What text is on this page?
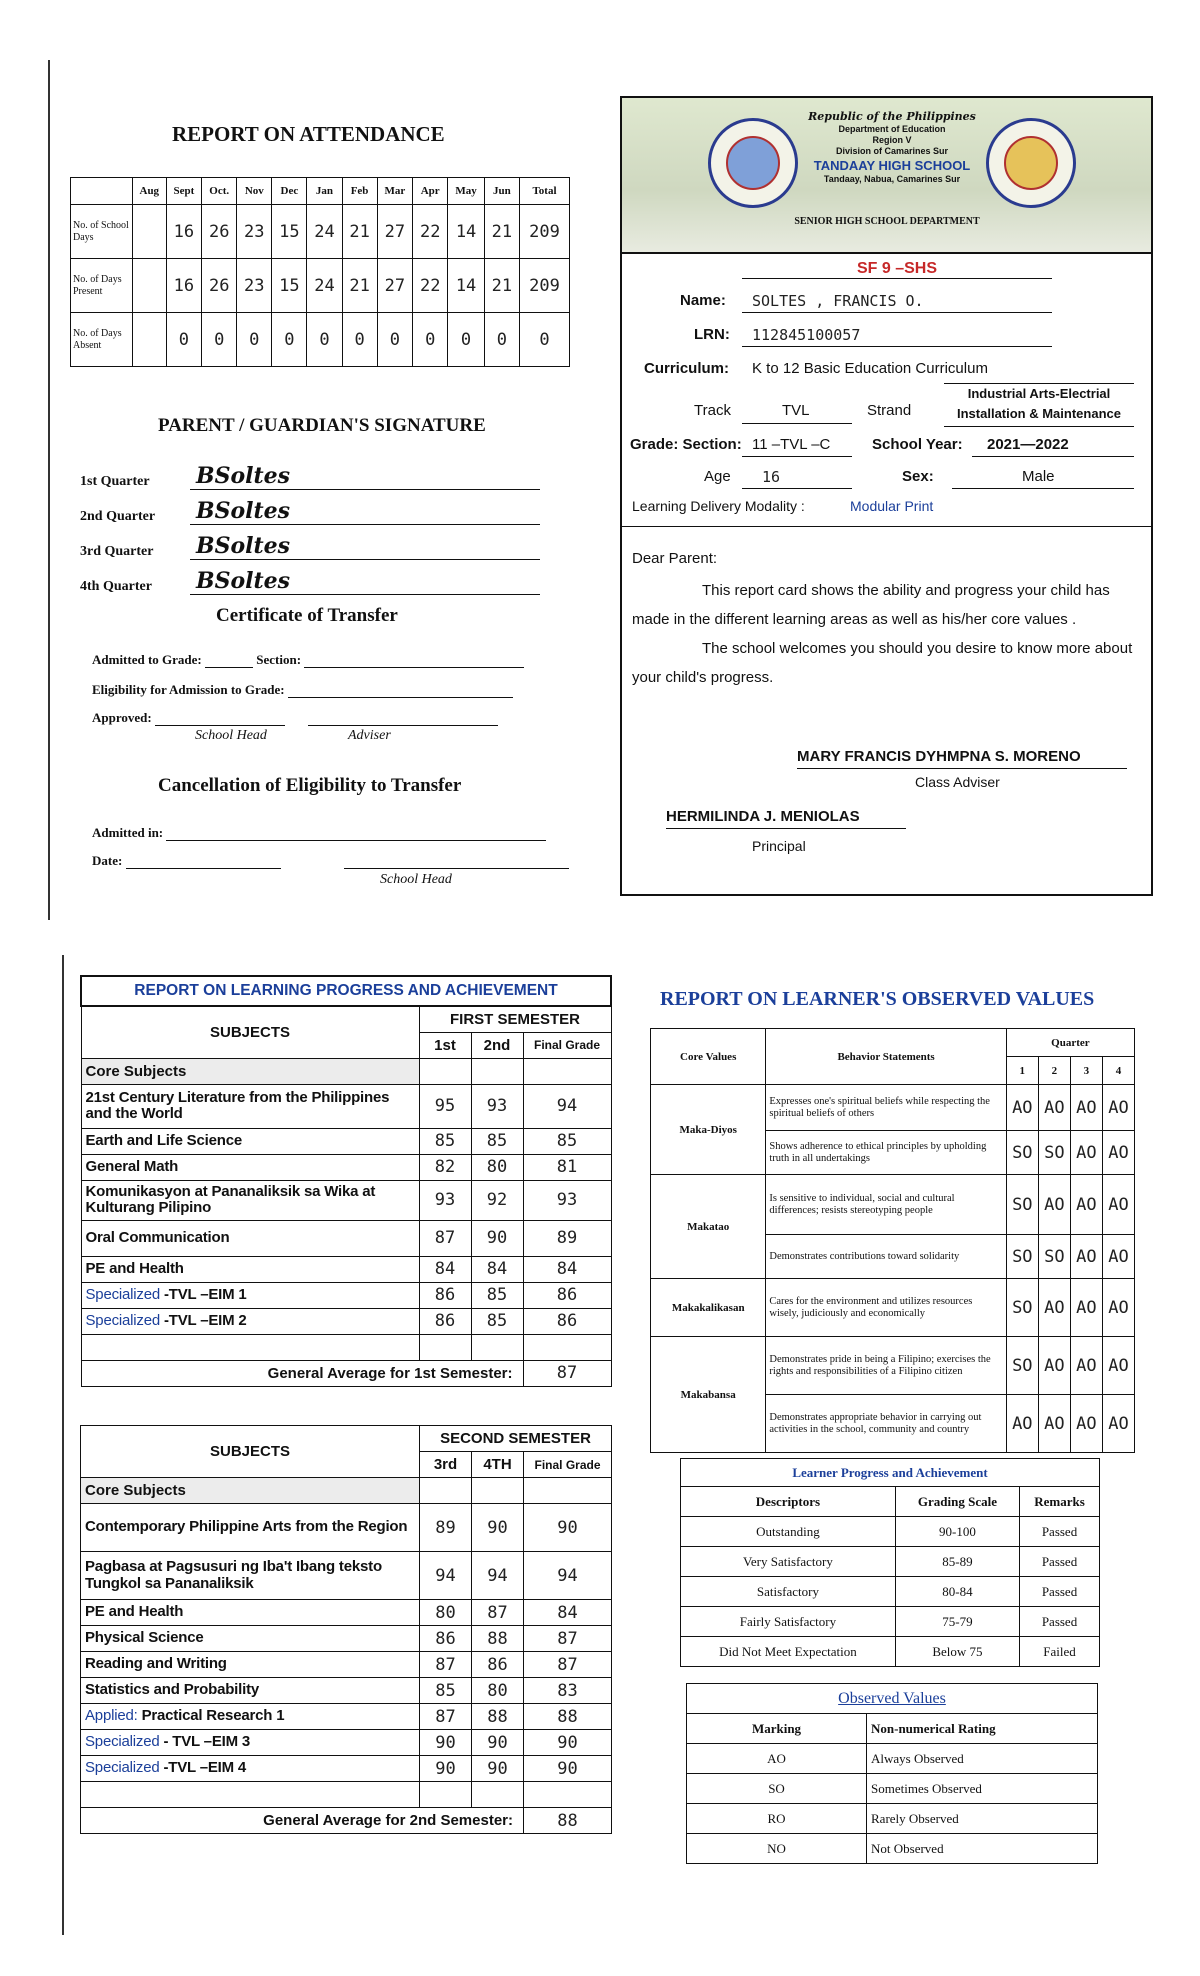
REPORT ON ATTENDANCE
	Aug	Sept	Oct.	Nov	Dec	Jan	Feb	Mar	Apr	May	Jun	Total
No. of School Days		16	26	23	15	24	21	27	22	14	21	209
No. of Days Present		16	26	23	15	24	21	27	22	14	21	209
No. of Days Absent		0	0	0	0	0	0	0	0	0	0	0
PARENT / GUARDIAN'S SIGNATURE
1st Quarter	BSoltes
2nd Quarter	BSoltes
3rd Quarter	BSoltes
4th Quarter	BSoltes
Certificate of Transfer
Admitted to Grade:	Section:
Eligibility for Admission to Grade:
Approved:
School Head	Adviser
Cancellation of Eligibility to Transfer
Admitted in:
Date:
School Head
Republic of the Philippines
Department of Education
Region V
Division of Camarines Sur
TANDAAY HIGH SCHOOL
Tandaay, Nabua, Camarines Sur
SENIOR HIGH SCHOOL DEPARTMENT
SF 9 –SHS
Name: SOLTES , FRANCIS O.
LRN: 112845100057
Curriculum: K to 12 Basic Education Curriculum
Track	TVL	Strand
Industrial Arts-Electrial Installation & Maintenance
Grade: Section: 11 –TVL –C	School Year: 2021—2022
Age 16	Sex:	Male
Learning Delivery Modality :	Modular Print
Dear Parent:

This report card shows the ability and progress your child has made in the different learning areas as well as his/her core values .

The school welcomes you should you desire to know more about your child's progress.

MARY FRANCIS DYHMPNA S. MORENO
Class Adviser
HERMILINDA J. MENIOLAS
Principal
REPORT ON LEARNING PROGRESS AND ACHIEVEMENT			
SUBJECTS	FIRST SEMESTER		
	1st	2nd	Final Grade
Core Subjects			
21st Century Literature from the Philippines and the World	95	93	94
Earth and Life Science	85	85	85
General Math	82	80	81
Komunikasyon at Pananaliksik sa Wika at Kulturang Pilipino	93	92	93
Oral Communication	87	90	89
PE and Health	84	84	84
Specialized -TVL –EIM 1	86	85	86
Specialized -TVL –EIM 2	86	85	86

General Average for 1st Semester:			87
SUBJECTS	SECOND SEMESTER		
	3rd	4TH	Final Grade
Core Subjects			
Contemporary Philippine Arts from the Region	89	90	90
Pagbasa at Pagsusuri ng Iba't Ibang teksto Tungkol sa Pananaliksik	94	94	94
PE and Health	80	87	84
Physical Science	86	88	87
Reading and Writing	87	86	87
Statistics and Probability	85	80	83
Applied: Practical Research 1	87	88	88
Specialized - TVL –EIM 3	90	90	90
Specialized -TVL –EIM 4	90	90	90

General Average for 2nd Semester:			88
REPORT ON LEARNER'S OBSERVED VALUES
Core Values	Behavior Statements	Quarter			
		1	2	3	4
Maka-Diyos	Expresses one's spiritual beliefs while respecting the spiritual beliefs of others	AO	AO	AO	AO
	Shows adherence to ethical principles by upholding truth in all undertakings	SO	SO	AO	AO
Makatao	Is sensitive to individual, social and cultural differences; resists stereotyping people	SO	AO	AO	AO
	Demonstrates contributions toward solidarity	SO	SO	AO	AO
Makakalikasan	Cares for the environment and utilizes resources wisely, judiciously and economically	SO	AO	AO	AO
Makabansa	Demonstrates pride in being a Filipino; exercises the rights and responsibilities of a Filipino citizen	SO	AO	AO	AO
	Demonstrates appropriate behavior in carrying out activities in the school, community and country	AO	AO	AO	AO
Learner Progress and Achievement		
Descriptors	Grading Scale	Remarks
Outstanding	90-100	Passed
Very Satisfactory	85-89	Passed
Satisfactory	80-84	Passed
Fairly Satisfactory	75-79	Passed
Did Not Meet Expectation	Below 75	Failed
Observed Values	
Marking	Non-numerical Rating
AO	Always Observed
SO	Sometimes Observed
RO	Rarely Observed
NO	Not Observed
